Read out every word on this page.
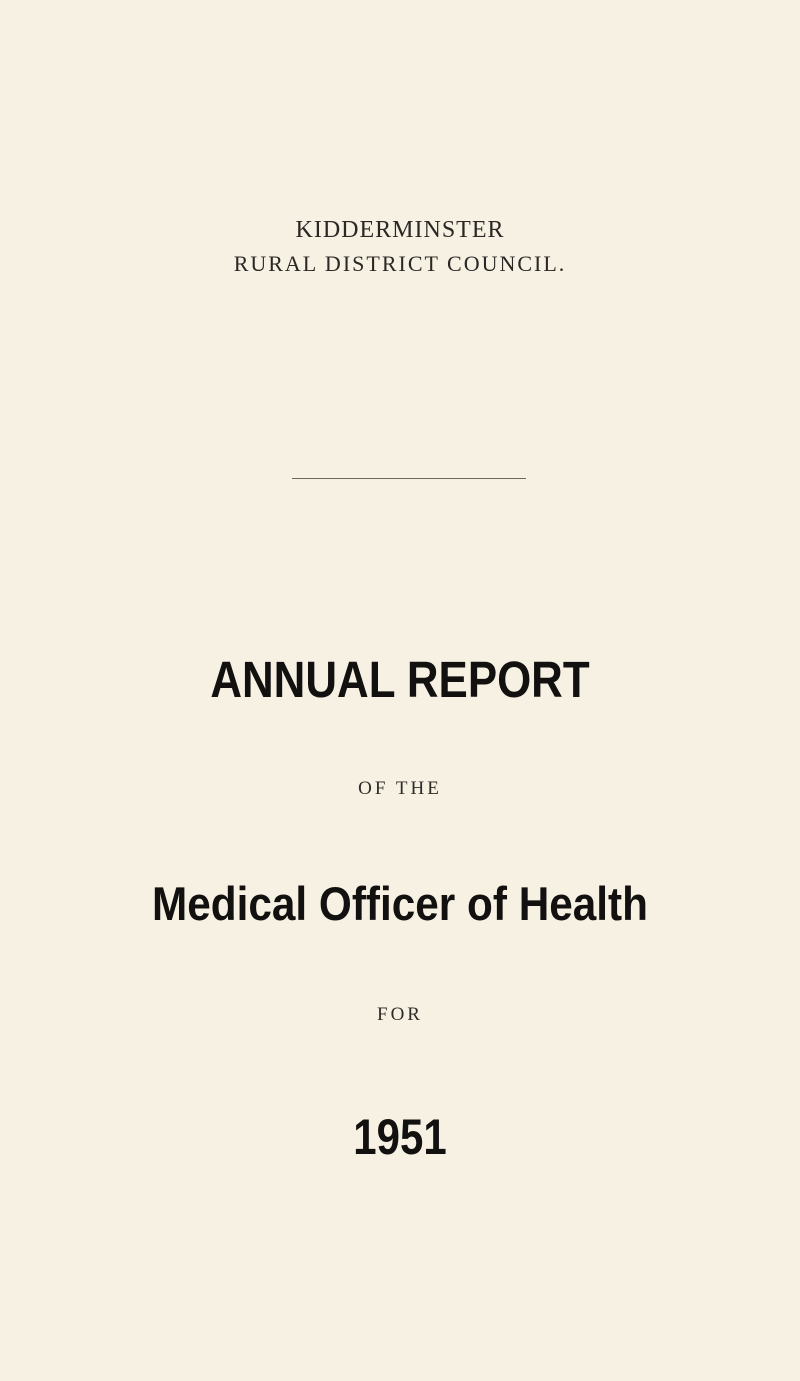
KIDDERMINSTER
RURAL DISTRICT COUNCIL.
ANNUAL REPORT
OF THE
Medical Officer of Health
FOR
1951
